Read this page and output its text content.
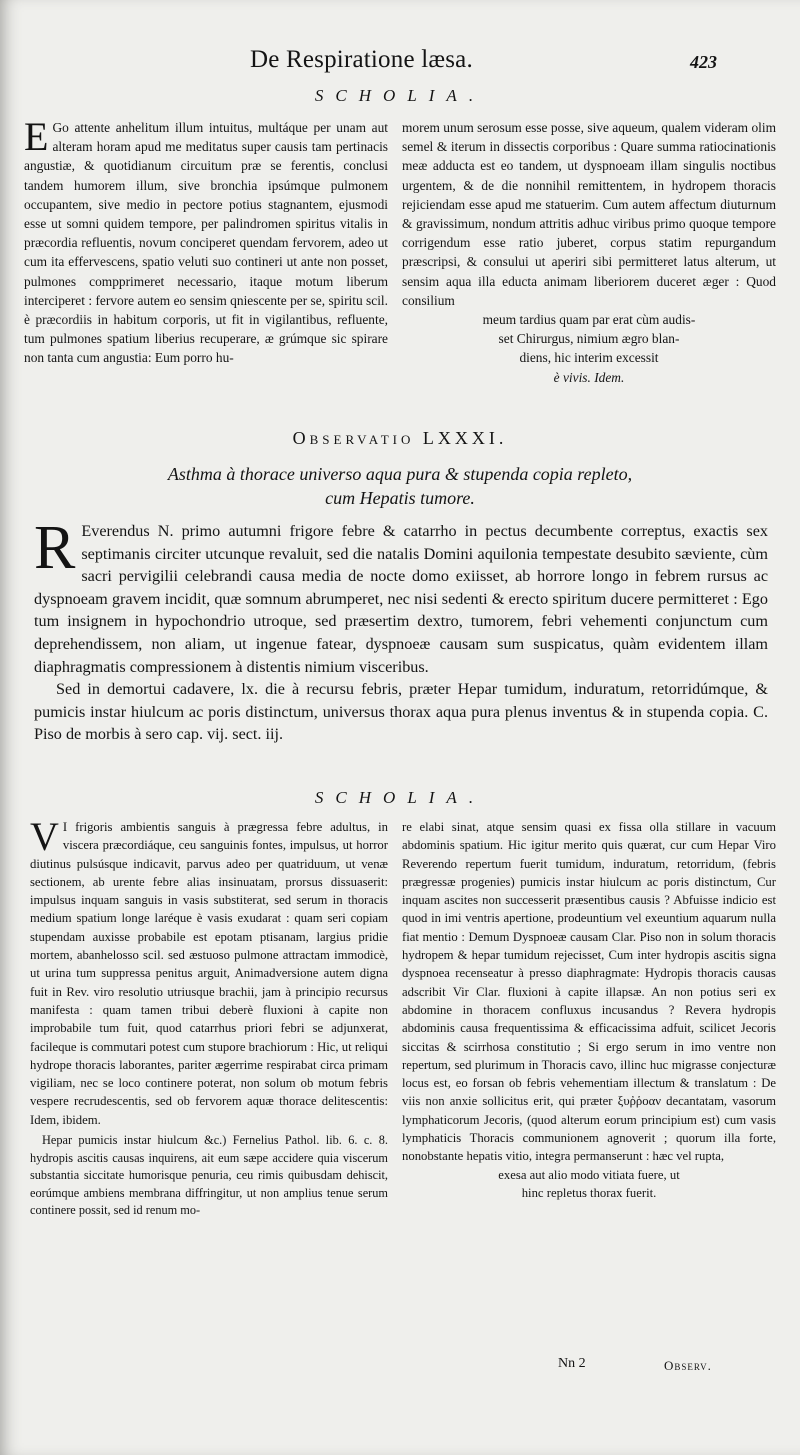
De Respiratione læsa.	423
SCHOLIA.

E Go attente anhelitum illum intuitus, multáque per unam aut alteram horam apud me meditatus super causis tam pertinacis angustiæ, & quotidianum circuitum præ se ferentis, conclusi tandem humorem illum, sive bronchia ipsúmque pulmonem occupantem, sive medio in pectore potius stagnantem, ejusmodi esse ut somni quidem tempore, per palindromen spiritus vitalis in præcordia refluentis, novum conciperet quendam fervorem, adeo ut cum ita effervescens, spatio veluti suo contineri ut ante non posset, pulmones compprimeret necessario, itaque motum liberum interciperet : fervore autem eo sensim qniescente per se, spiritu scil. è præcordiis in habitum corporis, ut fit in vigilantibus, refluente, tum pulmones spatium liberius recuperare, æ grúmque sic spirare non tanta cum angustia: Eum porro hu-

morem unum serosum esse posse, sive aqueum, qualem videram olim semel & iterum in dissectis corporibus : Quare summa ratiocinationis meæ adducta est eo tandem, ut dyspnoeam illam singulis noctibus urgentem, & de die nonnihil remittentem, in hydropem thoracis rejiciendam esse apud me statuerim. Cum autem affectum diuturnum & gravissimum, nondum attritis adhuc viribus primo quoque tempore corrigendum esse ratio juberet, corpus statim repurgandum præscripsi, & consului ut aperiri sibi permitteret latus alterum, ut sensim aqua illa educta animam liberiorem duceret æger : Quod consilium

meum tardius quam par erat cùm audis-

set Chirurgus, nimium ægro blan-

diens, hic interim excessit

è vivis. Idem.

Observatio LXXXI.
Asthma à thorace universo aqua pura & stupenda copia repleto,
cum Hepatis tumore.

R Everendus N. primo autumni frigore febre & catarrho in pectus decumbente correptus, exactis sex septimanis circiter utcunque revaluit, sed die natalis Domini aquilonia tempestate desubito sæviente, cùm sacri pervigilii celebrandi causa media de nocte domo exiisset, ab horrore longo in febrem rursus ac dyspnoeam gravem incidit, quæ somnum abrumperet, nec nisi sedenti & erecto spiritum ducere permitteret : Ego tum insignem in hypochondrio utroque, sed præsertim dextro, tumorem, febri vehementi conjunctum cum deprehendissem, non aliam, ut ingenue fatear, dyspnoeæ causam sum suspicatus, quàm evidentem illam diaphragmatis compressionem à distentis nimium visceribus.

Sed in demortui cadavere, lx. die à recursu febris, præter Hepar tumidum, induratum, retorridúmque, & pumicis instar hiulcum ac poris distinctum, universus thorax aqua pura plenus inventus & in stupenda copia. C. Piso de morbis à sero cap. vij. sect. iij.

SCHOLIA.

V I frigoris ambientis sanguis à prægressa febre adultus, in viscera præcordiáque, ceu sanguinis fontes, impulsus, ut horror diutinus pulsúsque indicavit, parvus adeo per quatriduum, ut venæ sectionem, ab urente febre alias insinuatam, prorsus dissuaserit: impulsus inquam sanguis in vasis substiterat, sed serum in thoracis medium spatium longe laréque è vasis exudarat : quam seri copiam stupendam auxisse probabile est epotam ptisanam, largius pridie mortem, abanhelosso scil. sed æstuoso pulmone attractam immodicè, ut urina tum suppressa penitus arguit, Animadversione autem digna fuit in Rev. viro resolutio utriusque brachii, jam à principio recursus manifesta : quam tamen tribui deberè fluxioni à capite non improbabile tum fuit, quod catarrhus priori febri se adjunxerat, facileque is commutari potest cum stupore brachiorum : Hic, ut reliqui hydrope thoracis laborantes, pariter ægerrime respirabat circa primam vigiliam, nec se loco continere poterat, non solum ob motum febris vespere recrudescentis, sed ob fervorem aquæ thorace delitescentis: Idem, ibidem.

Hepar pumicis instar hiulcum &c.) Fernelius Pathol. lib. 6. c. 8. hydropis ascitis causas inquirens, ait eum sæpe accidere quia viscerum substantia siccitate humorisque penuria, ceu rimis quibusdam dehiscit, eorúmque ambiens membrana diffringitur, ut non amplius tenue serum continere possit, sed id renum mo-

re elabi sinat, atque sensim quasi ex fissa olla stillare in vacuum abdominis spatium. Hic igitur merito quis quærat, cur cum Hepar Viro Reverendo repertum fuerit tumidum, induratum, retorridum, (febris prægressæ progenies) pumicis instar hiulcum ac poris distinctum, Cur inquam ascites non successerit præsentibus causis ? Abfuisse indicio est quod in imi ventris apertione, prodeuntium vel exeuntium aquarum nulla fiat mentio : Demum Dyspnoeæ causam Clar. Piso non in solum thoracis hydropem & hepar tumidum rejecisset, Cum inter hydropis ascitis signa dyspnoea recenseatur à presso diaphragmate: Hydropis thoracis causas adscribit Vir Clar. fluxioni à capite illapsæ. An non potius seri ex abdomine in thoracem confluxus incusandus ? Revera hydropis abdominis causa frequentissima & efficacissima adfuit, scilicet Jecoris siccitas & scirrhosa constitutio ; Si ergo serum in imo ventre non repertum, sed plurimum in Thoracis cavo, illinc huc migrasse conjecturæ locus est, eo forsan ob febris vehementiam illectum & translatum : De viis non anxie sollicitus erit, qui præter ξυῤῥοαν decantatam, vasorum lymphaticorum Jecoris, (quod alterum eorum principium est) cum vasis lymphaticis Thoracis communionem agnoverit ; quorum illa forte, nonobstante hepatis vitio, integra permanserunt : hæc vel rupta,

exesa aut alio modo vitiata fuere, ut

hinc repletus thorax fuerit.

Nn 2	Observ.
